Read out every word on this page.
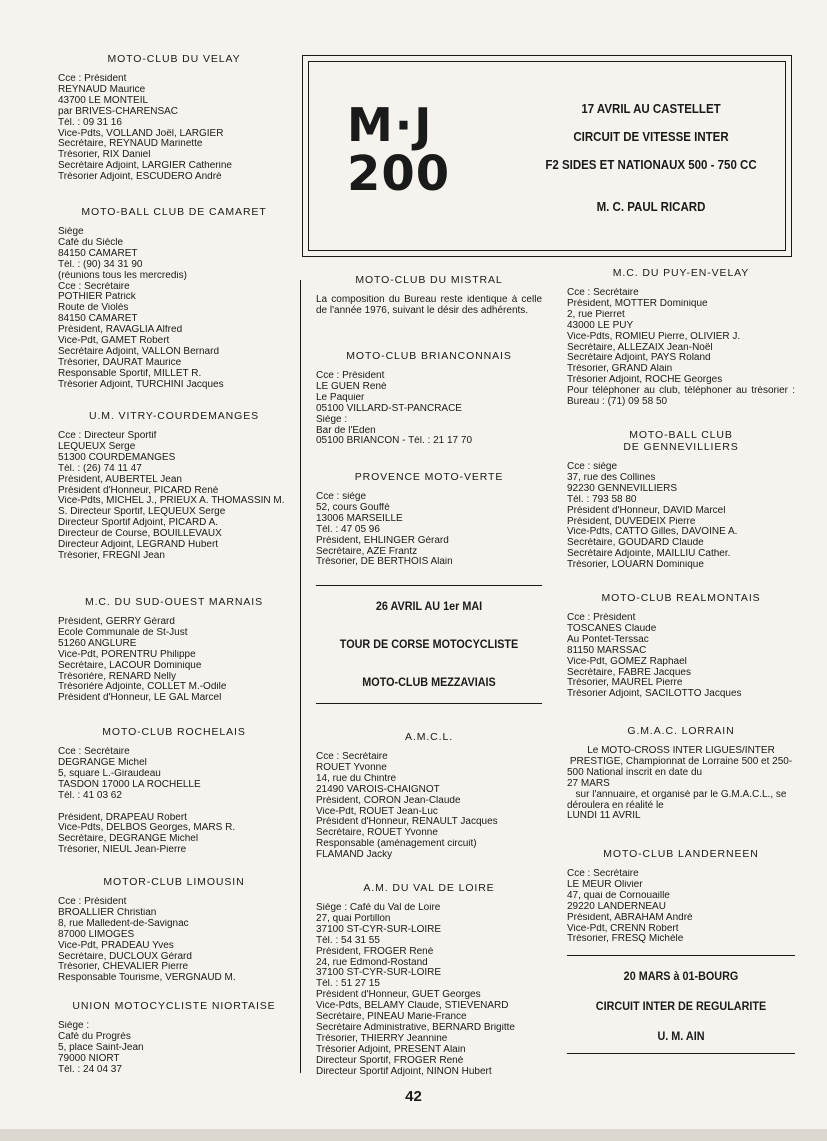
MOTO-CLUB DU VELAY
Cce : Président
REYNAUD Maurice
43700 LE MONTEIL
par BRIVES-CHARENSAC
Tél. : 09 31 16
Vice-Pdts, VOLLAND Joël, LARGIER
Secrétaire, REYNAUD Marinette
Trésorier, RIX Daniel
Secrétaire Adjoint, LARGIER Catherine
Trésorier Adjoint, ESCUDERO André
MOTO-BALL CLUB DE CAMARET
Siège
Café du Siècle
84150 CAMARET
Tél. : (90) 34 31 90
(réunions tous les mercredis)
Cce : Secrétaire
POTHIER Patrick
Route de Violès
84150 CAMARET
Président, RAVAGLIA Alfred
Vice-Pdt, GAMET Robert
Secrétaire Adjoint, VALLON Bernard
Trésorier, DAURAT Maurice
Responsable Sportif, MILLET R.
Trésorier Adjoint, TURCHINI Jacques
U.M. VITRY-COURDEMANGES
Cce : Directeur Sportif
LEQUEUX Serge
51300 COURDEMANGES
Tél. : (26) 74 11 47
Président, AUBERTEL Jean
Président d'Honneur, PICARD René
Vice-Pdts, MICHEL J., PRIEUX A. THOMASSIN M.
S. Directeur Sportif, LEQUEUX Serge
Directeur Sportif Adjoint, PICARD A.
Directeur de Course, BOUILLEVAUX
Directeur Adjoint, LEGRAND Hubert
Trésorier, FRÉGNI Jean
M.C. DU SUD-OUEST MARNAIS
Président, GERRY Gérard
Ecole Communale de St-Just
51260 ANGLURE
Vice-Pdt, PORENTRU Philippe
Secrétaire, LACOUR Dominique
Trésorière, RENARD Nelly
Trésorière Adjointe, COLLET M.-Odile
Président d'Honneur, LE GAL Marcel
MOTO-CLUB ROCHELAIS
Cce : Secrétaire
DEGRANGE Michel
5, square L.-Giraudeau
TASDON 17000 LA ROCHELLE
Tél. : 41 03 62
Président, DRAPEAU Robert
Vice-Pdts, DELBOS Georges, MARS R.
Secrétaire, DEGRANGE Michel
Trésorier, NIEUL Jean-Pierre
MOTOR-CLUB LIMOUSIN
Cce : Président
BROALLIER Christian
8, rue Malledent-de-Savignac
87000 LIMOGES
Vice-Pdt, PRADEAU Yves
Secrétaire, DUCLOUX Gérard
Trésorier, CHEVALIER Pierre
Responsable Tourisme, VERGNAUD M.
UNION MOTOCYCLISTE NIORTAISE
Siège :
Café du Progrès
5, place Saint-Jean
79000 NIORT
Tél. : 24 04 37
M·J
200
17 AVRIL AU CASTELLET
CIRCUIT DE VITESSE INTER
F2 SIDES ET NATIONAUX 500 - 750 CC
M. C. PAUL RICARD
MOTO-CLUB DU MISTRAL
La composition du Bureau reste identique à celle de l'année 1976, suivant le désir des adhérents.
MOTO-CLUB BRIANCONNAIS
Cce : Président
LE GUEN René
Le Paquier
05100 VILLARD-ST-PANCRACE
Siège :
Bar de l'Eden
05100 BRIANCON - Tél. : 21 17 70
PROVENCE MOTO-VERTE
Cce : siège
52, cours Gouffé
13006 MARSEILLE
Tél. : 47 05 96
Président, EHLINGER Gérard
Secrétaire, AZE Frantz
Trésorier, DE BERTHOIS Alain
26 AVRIL AU 1er MAI
TOUR DE CORSE MOTOCYCLISTE
MOTO-CLUB MEZZAVIAIS
A.M.C.L.
Cce : Secrétaire
ROUET Yvonne
14, rue du Chintre
21490 VAROIS-CHAIGNOT
Président, CORON Jean-Claude
Vice-Pdt, ROUET Jean-Luc
Président d'Honneur, RENAULT Jacques
Secrétaire, ROUET Yvonne
Responsable (aménagement circuit)
FLAMAND Jacky
A.M. DU VAL DE LOIRE
Siège : Café du Val de Loire
27, quai Portillon
37100 ST-CYR-SUR-LOIRE
Tél. : 54 31 55
Président, FROGER René
24, rue Edmond-Rostand
37100 ST-CYR-SUR-LOIRE
Tél. : 51 27 15
Président d'Honneur, GUET Georges
Vice-Pdts, BELAMY Claude, STIEVENARD
Secrétaire, PINEAU Marie-France
Secrétaire Administrative, BERNARD Brigitte
Trésorier, THIERRY Jeannine
Trésorier Adjoint, PRESENT Alain
Directeur Sportif, FROGER René
Directeur Sportif Adjoint, NINON Hubert
M.C. DU PUY-EN-VELAY
Cce : Secrétaire
Président, MOTTER Dominique
2, rue Pierret
43000 LE PUY
Vice-Pdts, ROMIEU Pierre, OLIVIER J.
Secrétaire, ALLEZAIX Jean-Noël
Secrétaire Adjoint, PAYS Roland
Trésorier, GRAND Alain
Trésorier Adjoint, ROCHE Georges
Pour téléphoner au club, téléphoner au trésorier : Bureau : (71) 09 58 50
MOTO-BALL CLUB
DE GENNEVILLIERS
Cce : siège
37, rue des Collines
92230 GENNEVILLIERS
Tél. : 793 58 80
Président d'Honneur, DAVID Marcel
Président, DUVEDEIX Pierre
Vice-Pdts, CATTO Gilles, DAVOINE A.
Secrétaire, GOUDARD Claude
Secrétaire Adjointe, MAILLIU Cather.
Trésorier, LOUARN Dominique
MOTO-CLUB REALMONTAIS
Cce : Président
TOSCANES Claude
Au Pontet-Terssac
81150 MARSSAC
Vice-Pdt, GOMEZ Raphael
Secrétaire, FABRE Jacques
Trésorier, MAUREL Pierre
Trésorier Adjoint, SACILOTTO Jacques
G.M.A.C. LORRAIN
Le MOTO-CROSS INTER LIGUES/INTER PRESTIGE, Championnat de Lorraine 500 et 250-500 National inscrit en date du
27 MARS
sur l'annuaire, et organisé par le G.M.A.C.L., se déroulera en réalité le
LUNDI 11 AVRIL
MOTO-CLUB LANDERNEEN
Cce : Secrétaire
LE MEUR Olivier
47, quai de Cornouaille
29220 LANDERNEAU
Président, ABRAHAM André
Vice-Pdt, CRENN Robert
Trésorier, FRESQ Michèle
20 MARS à 01-BOURG
CIRCUIT INTER DE REGULARITE
U. M. AIN
42
